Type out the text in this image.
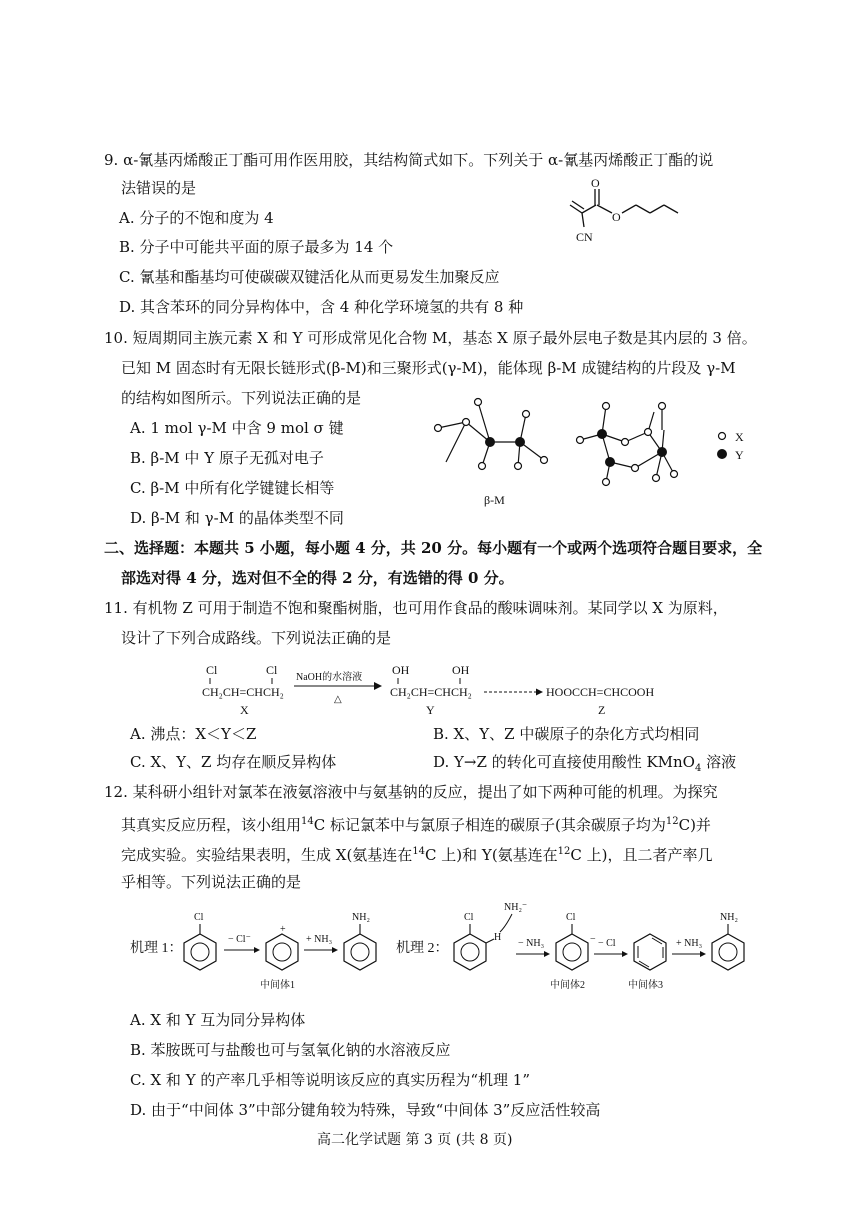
9. α-氰基丙烯酸正丁酯可用作医用胶，其结构简式如下。下列关于 α-氰基丙烯酸正丁酯的说
法错误的是
A. 分子的不饱和度为 4
B. 分子中可能共平面的原子最多为 14 个
C. 氰基和酯基均可使碳碳双键活化从而更易发生加聚反应
D. 其含苯环的同分异构体中，含 4 种化学环境氢的共有 8 种
O
O
CN
10. 短周期同主族元素 X 和 Y 可形成常见化合物 M，基态 X 原子最外层电子数是其内层的 3 倍。
已知 M 固态时有无限长链形式(β-M)和三聚形式(γ-M)，能体现 β-M 成键结构的片段及 γ-M
的结构如图所示。下列说法正确的是
A. 1 mol γ-M 中含 9 mol σ 键
B. β-M 中 Y 原子无孤对电子
C. β-M 中所有化学键键长相等
D. β-M 和 γ-M 的晶体类型不同
β-M
X
Y
二、选择题：本题共 5 小题，每小题 4 分，共 20 分。每小题有一个或两个选项符合题目要求，全
部选对得 4 分，选对但不全的得 2 分，有选错的得 0 分。
11. 有机物 Z 可用于制造不饱和聚酯树脂，也可用作食品的酸味调味剂。某同学以 X 为原料，
设计了下列合成路线。下列说法正确的是
Cl	Cl
CH₂CH=CHCH₂
X
NaOH的水溶液
△
OH	OH
CH₂CH=CHCH₂
Y
HOOCCH=CHCOOH
Z
A. 沸点：X＜Y＜Z	B. X、Y、Z 中碳原子的杂化方式均相同
C. X、Y、Z 均存在顺反异构体	D. Y→Z 的转化可直接使用酸性 KMnO$_4$ 溶液
12. 某科研小组针对氯苯在液氨溶液中与氨基钠的反应，提出了如下两种可能的机理。为探究
其真实反应历程，该小组用$^{14}$C 标记氯苯中与氯原子相连的碳原子(其余碳原子均为$^{12}$C)并
完成实验。实验结果表明，生成 X(氨基连在$^{14}$C 上)和 Y(氨基连在$^{12}$C 上)，且二者产率几
乎相等。下列说法正确的是
机理 1：
Cl
− Cl⁻
+
中间体1
+ NH₃
NH₂
机理 2：
Cl
H
NH₂⁻
− NH₃
Cl
−
中间体2
− Cl
中间体3
+ NH₃
NH₂
A. X 和 Y 互为同分异构体
B. 苯胺既可与盐酸也可与氢氧化钠的水溶液反应
C. X 和 Y 的产率几乎相等说明该反应的真实历程为“机理 1”
D. 由于“中间体 3”中部分键角较为特殊，导致“中间体 3”反应活性较高
高二化学试题 第 3 页 (共 8 页)
